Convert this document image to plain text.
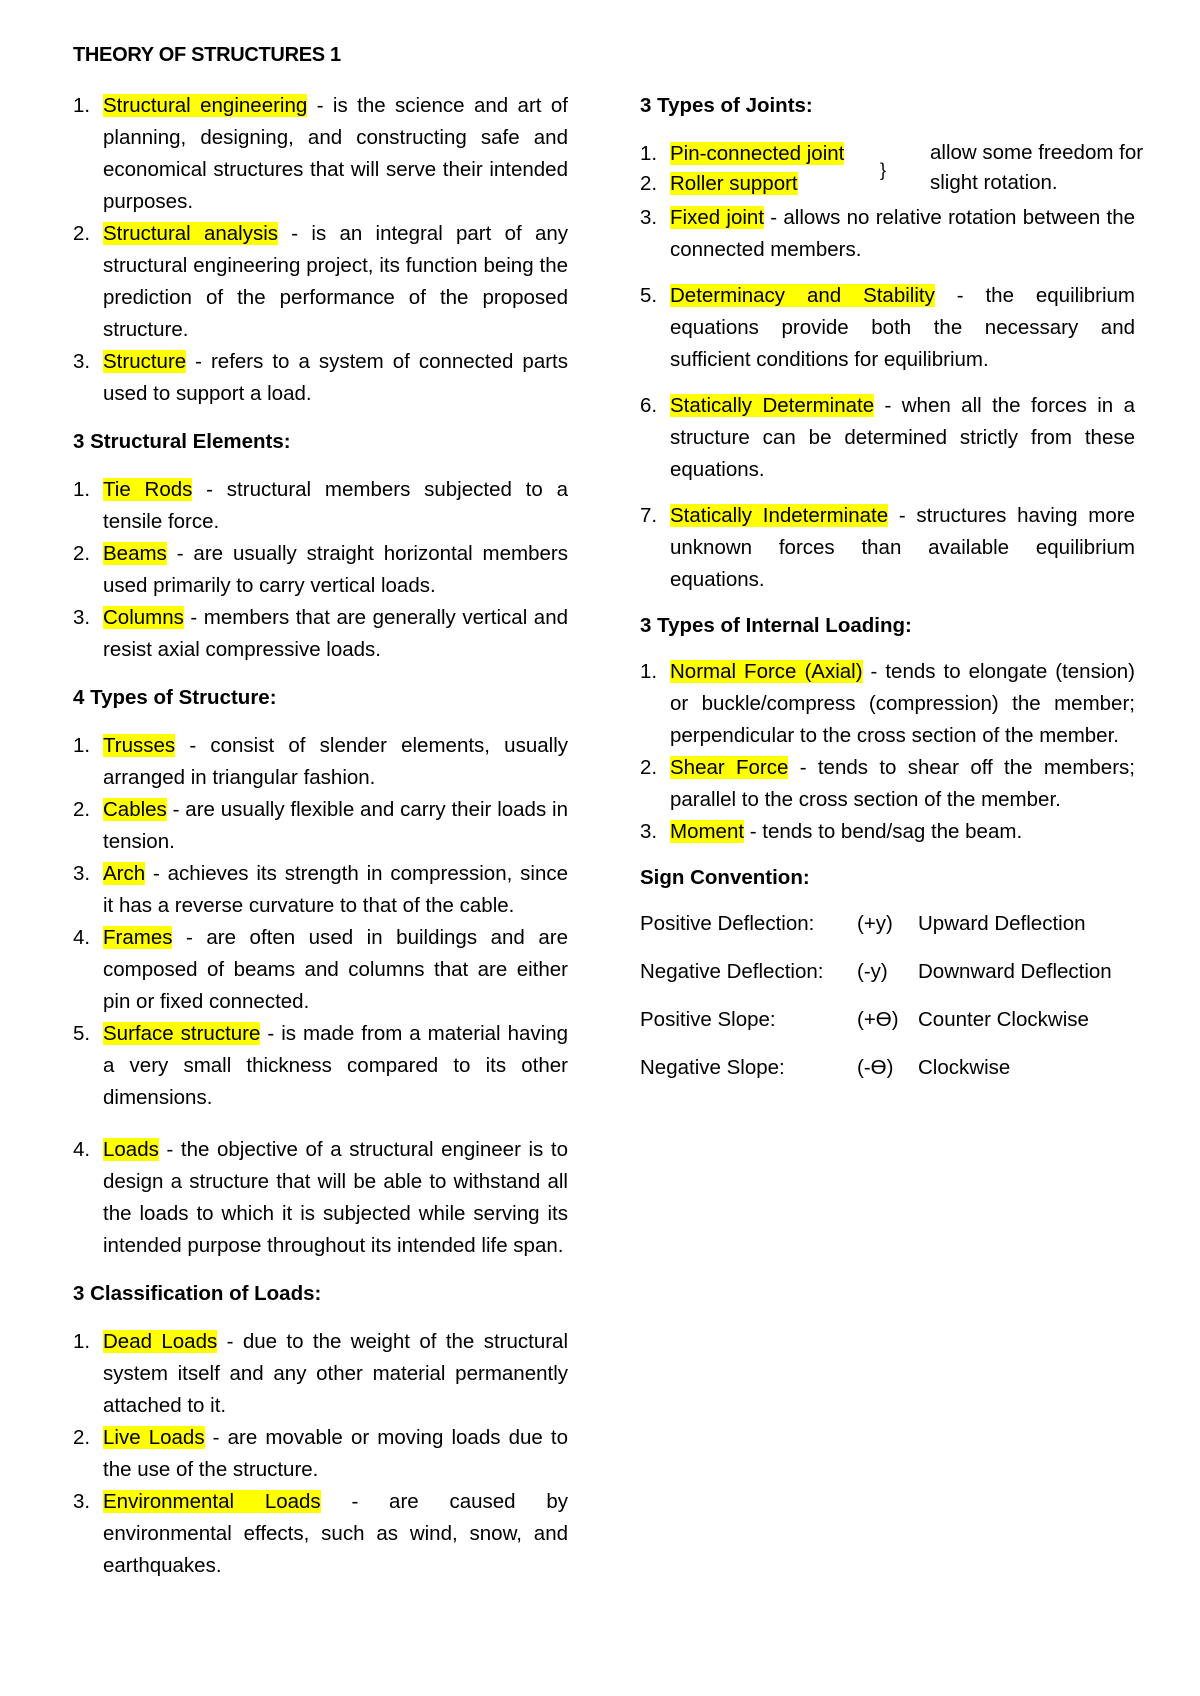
THEORY OF STRUCTURES 1
1. Structural engineering - is the science and art of planning, designing, and constructing safe and economical structures that will serve their intended purposes.
2. Structural analysis - is an integral part of any structural engineering project, its function being the prediction of the performance of the proposed structure.
3. Structure - refers to a system of connected parts used to support a load.

3 Structural Elements:

1. Tie Rods - structural members subjected to a tensile force.
2. Beams - are usually straight horizontal members used primarily to carry vertical loads.
3. Columns - members that are generally vertical and resist axial compressive loads.

4 Types of Structure:

1. Trusses - consist of slender elements, usually arranged in triangular fashion.
2. Cables - are usually flexible and carry their loads in tension.
3. Arch - achieves its strength in compression, since it has a reverse curvature to that of the cable.
4. Frames - are often used in buildings and are composed of beams and columns that are either pin or fixed connected.
5. Surface structure - is made from a material having a very small thickness compared to its other dimensions.
4. Loads - the objective of a structural engineer is to design a structure that will be able to withstand all the loads to which it is subjected while serving its intended purpose throughout its intended life span.

3 Classification of Loads:

1. Dead Loads - due to the weight of the structural system itself and any other material permanently attached to it.
2. Live Loads - are movable or moving loads due to the use of the structure.
3. Environmental Loads - are caused by environmental effects, such as wind, snow, and earthquakes.

3 Types of Joints:

1. Pin-connected joint
2. Roller support
}
allow some freedom for slight rotation.
3. Fixed joint - allows no relative rotation between the connected members.
5. Determinacy and Stability - the equilibrium equations provide both the necessary and sufficient conditions for equilibrium.
6. Statically Determinate - when all the forces in a structure can be determined strictly from these equations.
7. Statically Indeterminate - structures having more unknown forces than available equilibrium equations.

3 Types of Internal Loading:

1. Normal Force (Axial) - tends to elongate (tension) or buckle/compress (compression) the member; perpendicular to the cross section of the member.
2. Shear Force - tends to shear off the members; parallel to the cross section of the member.
3. Moment - tends to bend/sag the beam.

Sign Convention:

Positive Deflection: (+y) Upward Deflection
Negative Deflection: (-y) Downward Deflection
Positive Slope:	(+ϴ) Counter Clockwise
Negative Slope:	(-ϴ) Clockwise
